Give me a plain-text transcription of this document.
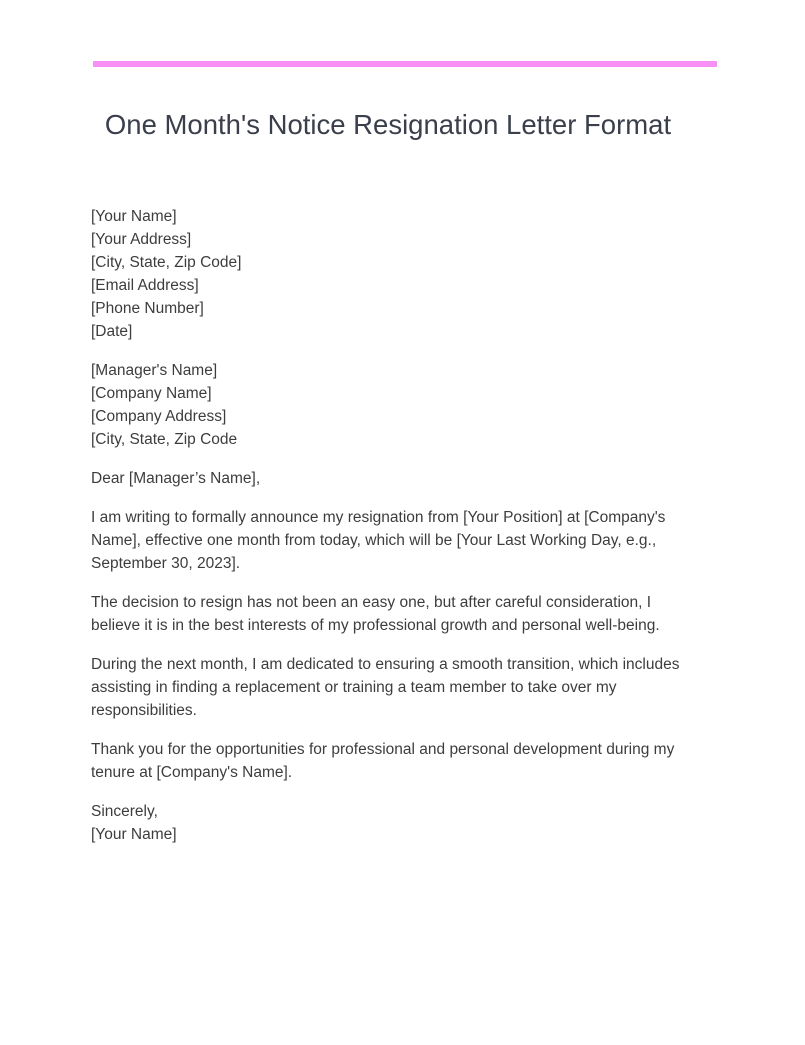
One Month's Notice Resignation Letter Format
[Your Name]
[Your Address]
[City, State, Zip Code]
[Email Address]
[Phone Number]
[Date]
[Manager's Name]
[Company Name]
[Company Address]
[City, State, Zip Code

Dear [Manager’s Name],

I am writing to formally announce my resignation from [Your Position] at [Company's Name], effective one month from today, which will be [Your Last Working Day, e.g., September 30, 2023].

The decision to resign has not been an easy one, but after careful consideration, I believe it is in the best interests of my professional growth and personal well-being.

During the next month, I am dedicated to ensuring a smooth transition, which includes assisting in finding a replacement or training a team member to take over my responsibilities.

Thank you for the opportunities for professional and personal development during my tenure at [Company's Name].

Sincerely,
[Your Name]
